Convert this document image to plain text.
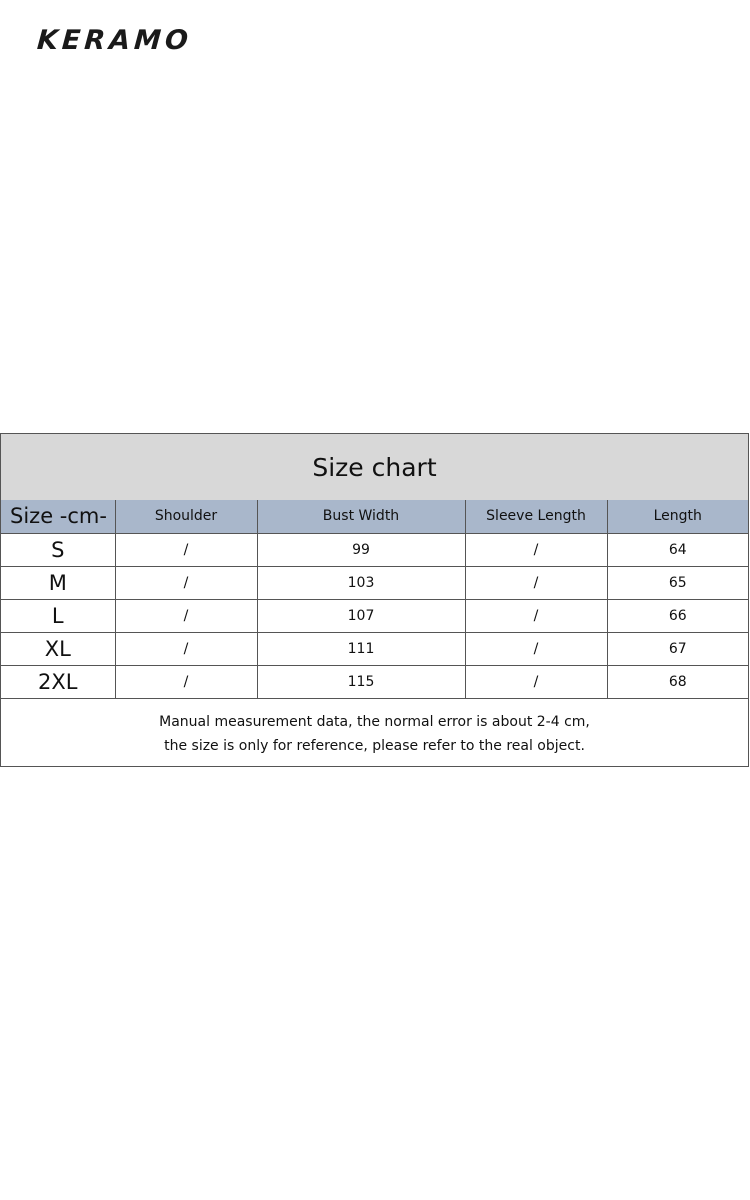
KERAMO
Size chart
Size -cm-	Shoulder	Bust Width	Sleeve Length	Length
S	/	99	/	64
M	/	103	/	65
L	/	107	/	66
XL	/	111	/	67
2XL	/	115	/	68
Manual measurement data, the normal error is about 2-4 cm,
the size is only for reference, please refer to the real object.
